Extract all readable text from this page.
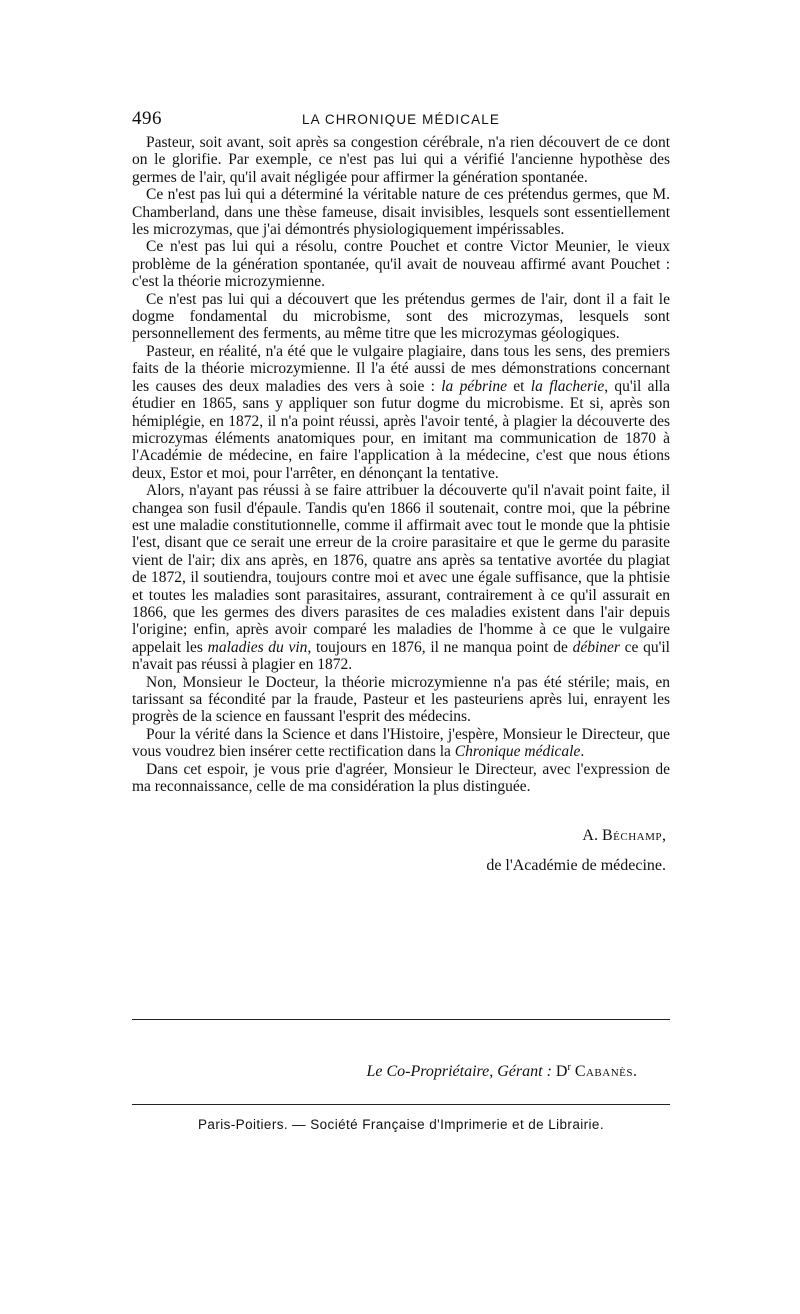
496	LA CHRONIQUE MÉDICALE

Pasteur, soit avant, soit après sa congestion cérébrale, n'a rien découvert de ce dont on le glorifie. Par exemple, ce n'est pas lui qui a vérifié l'ancienne hypothèse des germes de l'air, qu'il avait négligée pour affirmer la génération spontanée.

Ce n'est pas lui qui a déterminé la véritable nature de ces prétendus germes, que M. Chamberland, dans une thèse fameuse, disait invisibles, lesquels sont essentiellement les microzymas, que j'ai démontrés physiologiquement impérissables.

Ce n'est pas lui qui a résolu, contre Pouchet et contre Victor Meunier, le vieux problème de la génération spontanée, qu'il avait de nouveau affirmé avant Pouchet : c'est la théorie microzymienne.

Ce n'est pas lui qui a découvert que les prétendus germes de l'air, dont il a fait le dogme fondamental du microbisme, sont des microzymas, lesquels sont personnellement des ferments, au même titre que les microzymas géologiques.

Pasteur, en réalité, n'a été que le vulgaire plagiaire, dans tous les sens, des premiers faits de la théorie microzymienne. Il l'a été aussi de mes démonstrations concernant les causes des deux maladies des vers à soie : la pébrine et la flacherie, qu'il alla étudier en 1865, sans y appliquer son futur dogme du microbisme. Et si, après son hémiplégie, en 1872, il n'a point réussi, après l'avoir tenté, à plagier la découverte des microzymas éléments anatomiques pour, en imitant ma communication de 1870 à l'Académie de médecine, en faire l'application à la médecine, c'est que nous étions deux, Estor et moi, pour l'arrêter, en dénonçant la tentative.

Alors, n'ayant pas réussi à se faire attribuer la découverte qu'il n'avait point faite, il changea son fusil d'épaule. Tandis qu'en 1866 il soutenait, contre moi, que la pébrine est une maladie constitutionnelle, comme il affirmait avec tout le monde que la phtisie l'est, disant que ce serait une erreur de la croire parasitaire et que le germe du parasite vient de l'air; dix ans après, en 1876, quatre ans après sa tentative avortée du plagiat de 1872, il soutiendra, toujours contre moi et avec une égale suffisance, que la phtisie et toutes les maladies sont parasitaires, assurant, contrairement à ce qu'il assurait en 1866, que les germes des divers parasites de ces maladies existent dans l'air depuis l'origine; enfin, après avoir comparé les maladies de l'homme à ce que le vulgaire appelait les maladies du vin, toujours en 1876, il ne manqua point de débiner ce qu'il n'avait pas réussi à plagier en 1872.

Non, Monsieur le Docteur, la théorie microzymienne n'a pas été stérile; mais, en tarissant sa fécondité par la fraude, Pasteur et les pasteuriens après lui, enrayent les progrès de la science en faussant l'esprit des médecins.

Pour la vérité dans la Science et dans l'Histoire, j'espère, Monsieur le Directeur, que vous voudrez bien insérer cette rectification dans la Chronique médicale.

Dans cet espoir, je vous prie d'agréer, Monsieur le Directeur, avec l'expression de ma reconnaissance, celle de ma considération la plus distinguée.

A. Béchamp,
de l'Académie de médecine.
Le Co-Propriétaire, Gérant : $D^r$ Cabanès.
Paris-Poitiers. — Société Française d'Imprimerie et de Librairie.
